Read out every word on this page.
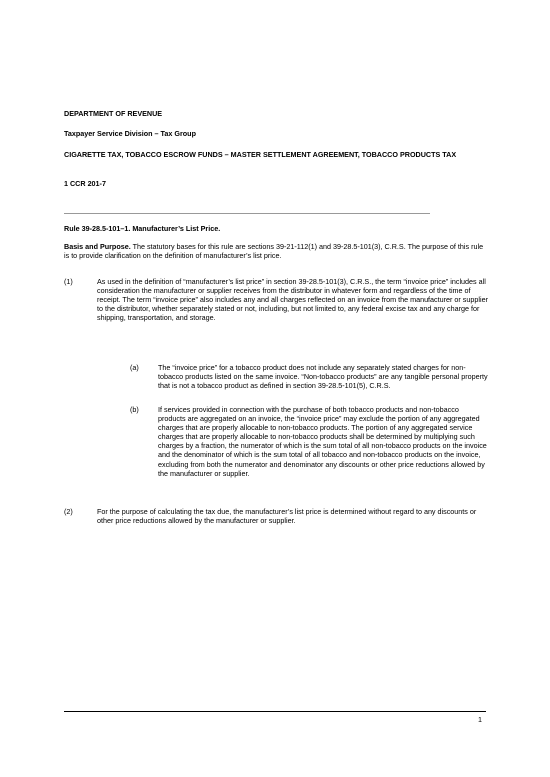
DEPARTMENT OF REVENUE

Taxpayer Service Division – Tax Group

CIGARETTE TAX, TOBACCO ESCROW FUNDS – MASTER SETTLEMENT AGREEMENT, TOBACCO PRODUCTS TAX

1 CCR 201-7

Rule 39-28.5-101–1. Manufacturer’s List Price.

Basis and Purpose. The statutory bases for this rule are sections 39-21-112(1) and 39-28.5-101(3), C.R.S. The purpose of this rule is to provide clarification on the definition of manufacturer’s list price.

(1)	As used in the definition of “manufacturer’s list price” in section 39-28.5-101(3), C.R.S., the term “invoice price” includes all consideration the manufacturer or supplier receives from the distributor in whatever form and regardless of the time of receipt. The term “invoice price” also includes any and all charges reflected on an invoice from the manufacturer or supplier to the distributor, whether separately stated or not, including, but not limited to, any federal excise tax and any charge for shipping, transportation, and storage.

(a)	The “invoice price” for a tobacco product does not include any separately stated charges for non-tobacco products listed on the same invoice. “Non-tobacco products” are any tangible personal property that is not a tobacco product as defined in section 39-28.5-101(5), C.R.S.

(b)	If services provided in connection with the purchase of both tobacco products and non-tobacco products are aggregated on an invoice, the “invoice price” may exclude the portion of any aggregated charges that are properly allocable to non-tobacco products. The portion of any aggregated service charges that are properly allocable to non-tobacco products shall be determined by multiplying such charges by a fraction, the numerator of which is the sum total of all non-tobacco products on the invoice and the denominator of which is the sum total of all tobacco and non-tobacco products on the invoice, excluding from both the numerator and denominator any discounts or other price reductions allowed by the manufacturer or supplier.

(2)	For the purpose of calculating the tax due, the manufacturer’s list price is determined without regard to any discounts or other price reductions allowed by the manufacturer or supplier.

1
